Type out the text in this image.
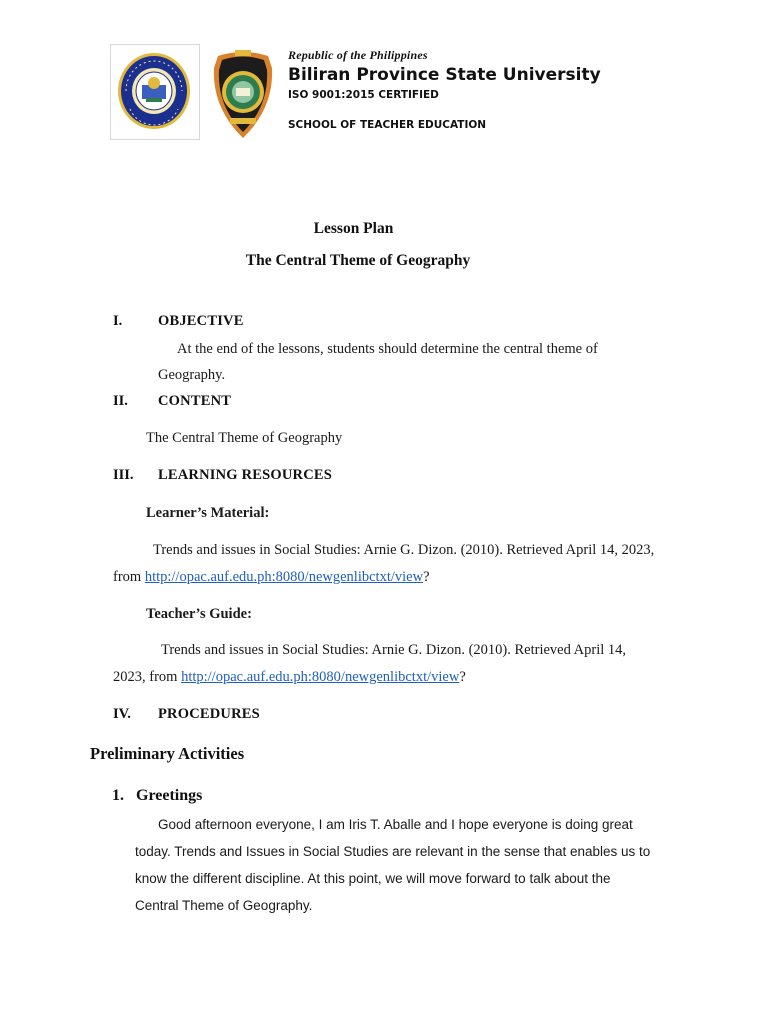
Republic of the Philippines
Biliran Province State University
ISO 9001:2015 CERTIFIED
SCHOOL OF TEACHER EDUCATION
Lesson Plan
The Central Theme of Geography
I. OBJECTIVE
At the end of the lessons, students should determine the central theme of
Geography.
II. CONTENT
The Central Theme of Geography
III. LEARNING RESOURCES
Learner’s Material:
Trends and issues in Social Studies: Arnie G. Dizon. (2010). Retrieved April 14, 2023,
from http://opac.auf.edu.ph:8080/newgenlibctxt/view?
Teacher’s Guide:
Trends and issues in Social Studies: Arnie G. Dizon. (2010). Retrieved April 14,
2023, from http://opac.auf.edu.ph:8080/newgenlibctxt/view?
IV. PROCEDURES
Preliminary Activities
1. Greetings
Good afternoon everyone, I am Iris T. Aballe and I hope everyone is doing great
today. Trends and Issues in Social Studies are relevant in the sense that enables us to
know the different discipline. At this point, we will move forward to talk about the
Central Theme of Geography.
